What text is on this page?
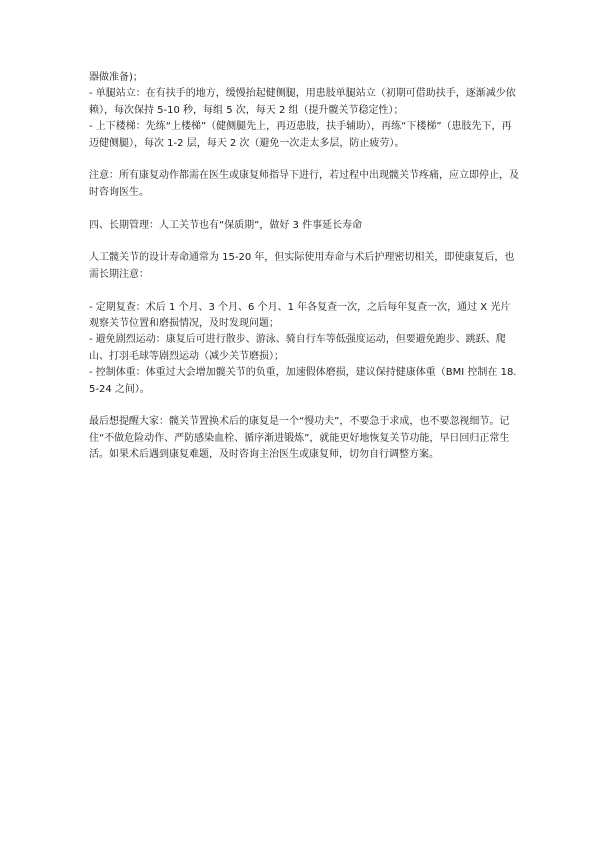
器做准备)；

- 单腿站立：在有扶手的地方，缓慢抬起健侧腿，用患肢单腿站立（初期可借助扶手，逐渐减少依赖），每次保持 5-10 秒，每组 5 次，每天 2 组（提升髋关节稳定性）；

- 上下楼梯：先练“上楼梯”（健侧腿先上，再迈患肢，扶手辅助），再练“下楼梯”（患肢先下，再迈健侧腿），每次 1-2 层，每天 2 次（避免一次走太多层，防止疲劳）。

注意：所有康复动作都需在医生或康复师指导下进行，若过程中出现髋关节疼痛，应立即停止，及时咨询医生。

四、长期管理：人工关节也有“保质期”，做好 3 件事延长寿命

人工髋关节的设计寿命通常为 15-20 年，但实际使用寿命与术后护理密切相关，即使康复后，也需长期注意：

- 定期复查：术后 1 个月、3 个月、6 个月、1 年各复查一次，之后每年复查一次，通过 X 光片观察关节位置和磨损情况，及时发现问题；

- 避免剧烈运动：康复后可进行散步、游泳、骑自行车等低强度运动，但要避免跑步、跳跃、爬山、打羽毛球等剧烈运动（减少关节磨损）；

- 控制体重：体重过大会增加髋关节的负重，加速假体磨损，建议保持健康体重（BMI 控制在 18.5-24 之间）。

最后想提醒大家：髋关节置换术后的康复是一个“慢功夫”，不要急于求成，也不要忽视细节。记住“不做危险动作、严防感染血栓、循序渐进锻炼”，就能更好地恢复关节功能，早日回归正常生活。如果术后遇到康复难题，及时咨询主治医生或康复师，切勿自行调整方案。
